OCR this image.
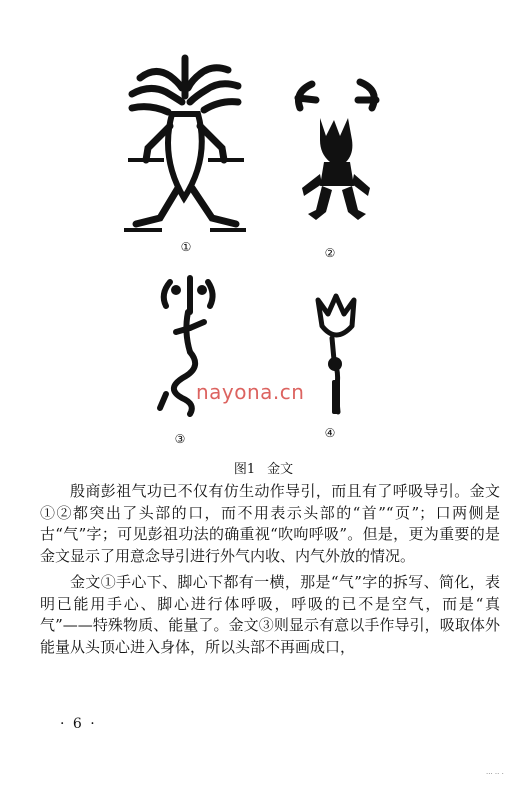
①	②
③	④
nayona.cn
图1 金文

殷商彭祖气功已不仅有仿生动作导引，而且有了呼吸导引。金文①②都突出了头部的口，而不用表示头部的“首”“页”；口两侧是古“气”字；可见彭祖功法的确重视“吹呴呼吸”。但是，更为重要的是金文显示了用意念导引进行外气内收、内气外放的情况。

金文①手心下、脚心下都有一横，那是“气”字的拆写、简化，表明已能用手心、脚心进行体呼吸，呼吸的已不是空气，而是“真气”——特殊物质、能量了。金文③则显示有意以手作导引，吸取体外能量从头顶心进入身体，所以头部不再画成口，

· 6 ·
··· ·· ·
